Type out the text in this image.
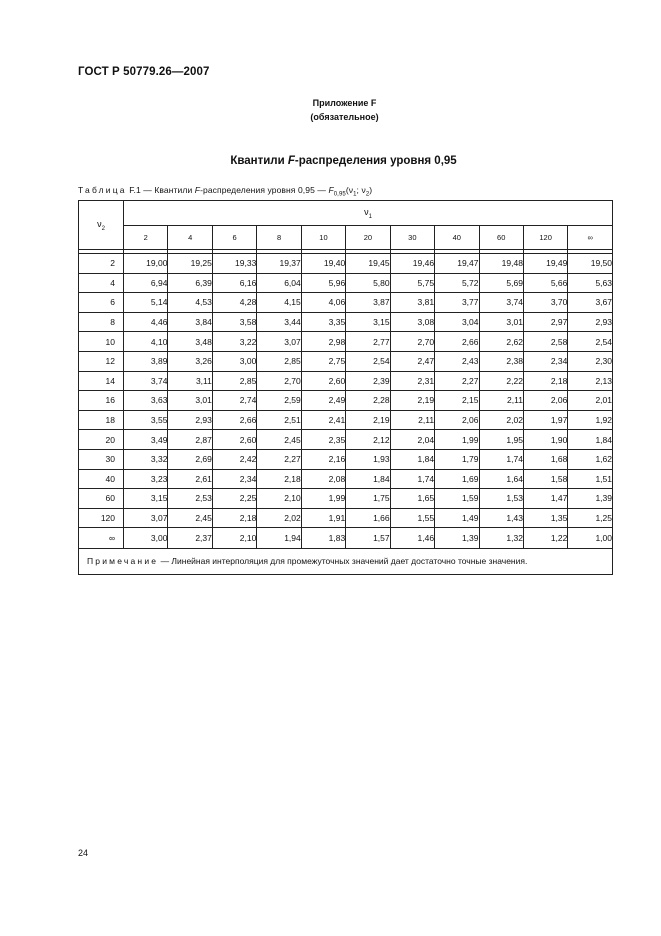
ГОСТ Р 50779.26—2007
Приложение F
(обязательное)
Квантили F-распределения уровня 0,95
Таблица F.1 — Квантили F-распределения уровня 0,95 — $F_{0,95}(\nu_1$; $\nu_2$)
$\nu_2$	$\nu_1$
	2	4	6	8	10	20	30	40	60	120	∞

2	19,00	19,25	19,33	19,37	19,40	19,45	19,46	19,47	19,48	19,49	19,50
4	6,94	6,39	6,16	6,04	5,96	5,80	5,75	5,72	5,69	5,66	5,63
6	5,14	4,53	4,28	4,15	4,06	3,87	3,81	3,77	3,74	3,70	3,67
8	4,46	3,84	3,58	3,44	3,35	3,15	3,08	3,04	3,01	2,97	2,93
10	4,10	3,48	3,22	3,07	2,98	2,77	2,70	2,66	2,62	2,58	2,54
12	3,89	3,26	3,00	2,85	2,75	2,54	2,47	2,43	2,38	2,34	2,30
14	3,74	3,11	2,85	2,70	2,60	2,39	2,31	2,27	2,22	2,18	2,13
16	3,63	3,01	2,74	2,59	2,49	2,28	2,19	2,15	2,11	2,06	2,01
18	3,55	2,93	2,66	2,51	2,41	2,19	2,11	2,06	2,02	1,97	1,92
20	3,49	2,87	2,60	2,45	2,35	2,12	2,04	1,99	1,95	1,90	1,84
30	3,32	2,69	2,42	2,27	2,16	1,93	1,84	1,79	1,74	1,68	1,62
40	3,23	2,61	2,34	2,18	2,08	1,84	1,74	1,69	1,64	1,58	1,51
60	3,15	2,53	2,25	2,10	1,99	1,75	1,65	1,59	1,53	1,47	1,39
120	3,07	2,45	2,18	2,02	1,91	1,66	1,55	1,49	1,43	1,35	1,25
∞	3,00	2,37	2,10	1,94	1,83	1,57	1,46	1,39	1,32	1,22	1,00
Примечание — Линейная интерполяция для промежуточных значений дает достаточно точные значения.											
24
